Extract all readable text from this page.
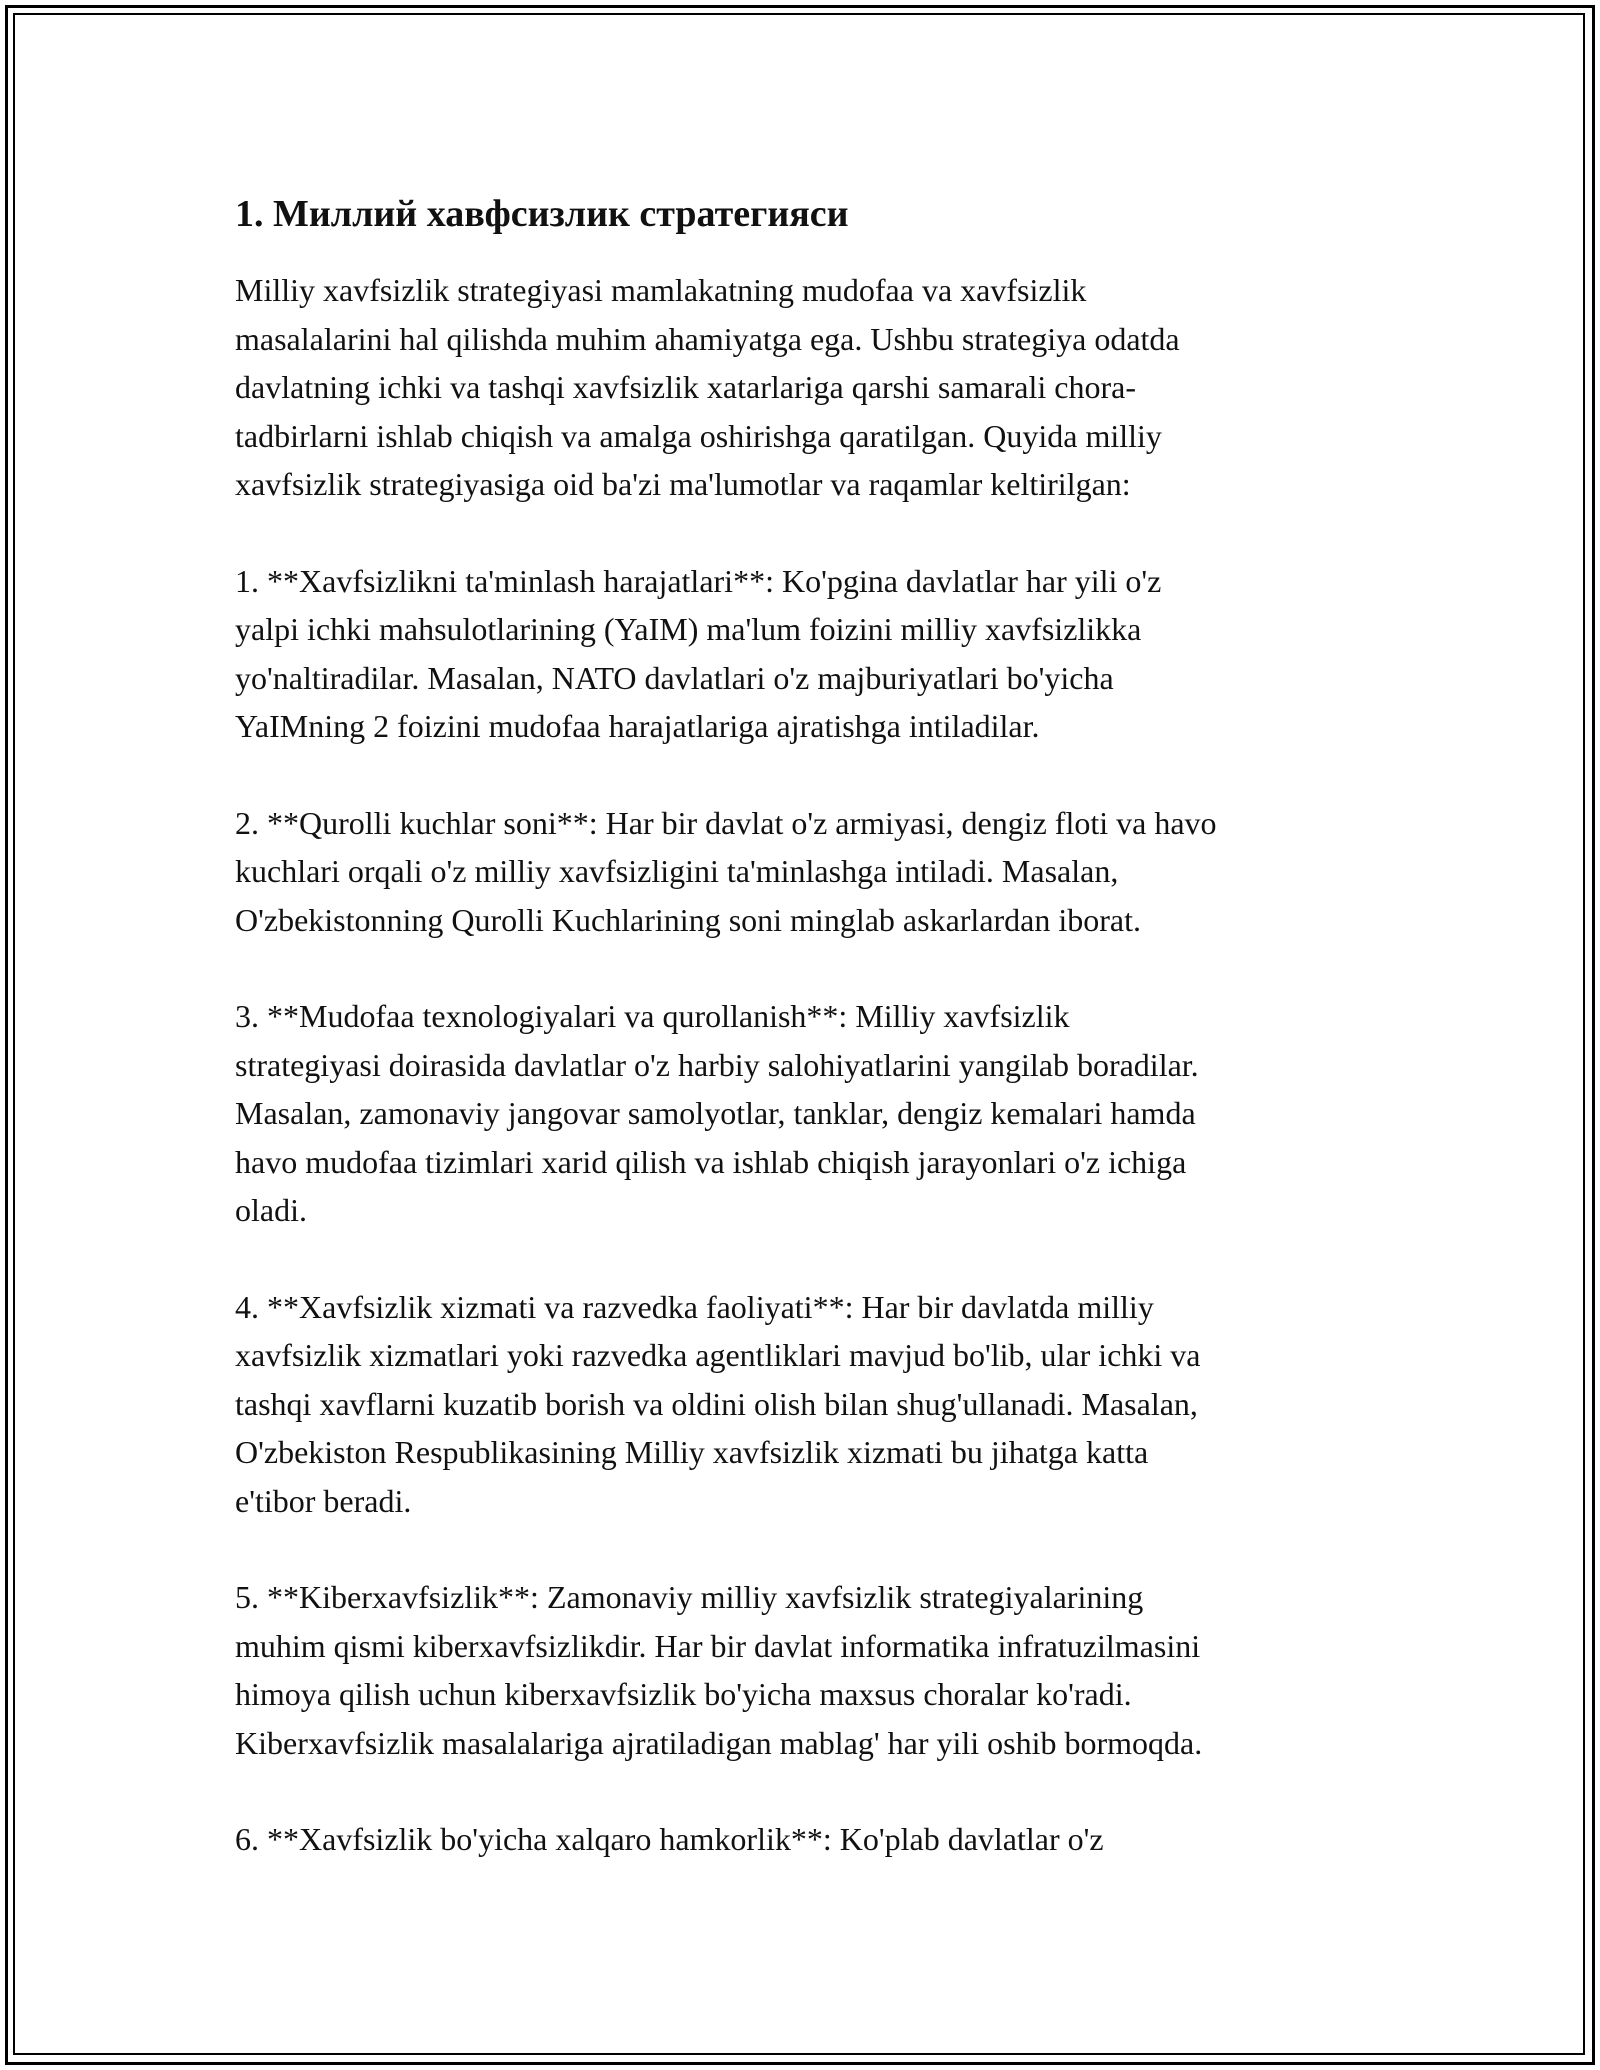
1. Миллий хавфсизлик стратегияси

Milliy xavfsizlik strategiyasi mamlakatning mudofaa va xavfsizlik
masalalarini hal qilishda muhim ahamiyatga ega. Ushbu strategiya odatda
davlatning ichki va tashqi xavfsizlik xatarlariga qarshi samarali chora-
tadbirlarni ishlab chiqish va amalga oshirishga qaratilgan. Quyida milliy
xavfsizlik strategiyasiga oid ba'zi ma'lumotlar va raqamlar keltirilgan:

1. **Xavfsizlikni ta'minlash harajatlari**: Ko'pgina davlatlar har yili o'z
yalpi ichki mahsulotlarining (YaIM) ma'lum foizini milliy xavfsizlikka
yo'naltiradilar. Masalan, NATO davlatlari o'z majburiyatlari bo'yicha
YaIMning 2 foizini mudofaa harajatlariga ajratishga intiladilar.

2. **Qurolli kuchlar soni**: Har bir davlat o'z armiyasi, dengiz floti va havo
kuchlari orqali o'z milliy xavfsizligini ta'minlashga intiladi. Masalan,
O'zbekistonning Qurolli Kuchlarining soni minglab askarlardan iborat.

3. **Mudofaa texnologiyalari va qurollanish**: Milliy xavfsizlik
strategiyasi doirasida davlatlar o'z harbiy salohiyatlarini yangilab boradilar.
Masalan, zamonaviy jangovar samolyotlar, tanklar, dengiz kemalari hamda
havo mudofaa tizimlari xarid qilish va ishlab chiqish jarayonlari o'z ichiga
oladi.

4. **Xavfsizlik xizmati va razvedka faoliyati**: Har bir davlatda milliy
xavfsizlik xizmatlari yoki razvedka agentliklari mavjud bo'lib, ular ichki va
tashqi xavflarni kuzatib borish va oldini olish bilan shug'ullanadi. Masalan,
O'zbekiston Respublikasining Milliy xavfsizlik xizmati bu jihatga katta
e'tibor beradi.

5. **Kiberxavfsizlik**: Zamonaviy milliy xavfsizlik strategiyalarining
muhim qismi kiberxavfsizlikdir. Har bir davlat informatika infratuzilmasini
himoya qilish uchun kiberxavfsizlik bo'yicha maxsus choralar ko'radi.
Kiberxavfsizlik masalalariga ajratiladigan mablag' har yili oshib bormoqda.

6. **Xavfsizlik bo'yicha xalqaro hamkorlik**: Ko'plab davlatlar o'z
